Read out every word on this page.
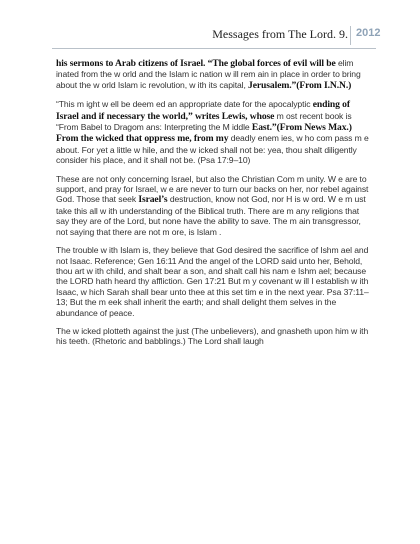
Messages from The Lord. 9. 2012

his sermons to Arab citizens of Israel. “The global forces of evil will be elim inated from the w orld and the Islam ic nation w ill rem ain in place in order to bring about the w orld Islam ic revolution, w ith its capital, Jerusalem.”(From I.N.N.)

“This m ight w ell be deem ed an appropriate date for the apocalyptic ending of Israel and if necessary the world,” writes Lewis, whose m ost recent book is “From Babel to Dragom ans: Interpreting the M iddle East.”(From News Max.) From the wicked that oppress me, from my deadly enem ies, w ho com pass m e about. For yet a little w hile, and the w icked shall not be: yea, thou shalt diligently consider his place, and it shall not be. (Psa 17:9–10)

These are not only concerning Israel, but also the Christian Com m unity. W e are to support, and pray for Israel, w e are never to turn our backs on her, nor rebel against God. Those that seek Israel’s destruction, know not God, nor H is w ord. W e m ust take this all w ith understanding of the Biblical truth. There are m any religions that say they are of the Lord, but none have the ability to save. The m ain transgressor, not saying that there are not m ore, is Islam .

The trouble w ith Islam is, they believe that God desired the sacrifice of Ishm ael and not Isaac. Reference; Gen 16:11 And the angel of the LORD said unto her, Behold, thou art w ith child, and shalt bear a son, and shalt call his nam e Ishm ael; because the LORD hath heard thy affliction. Gen 17:21 But m y covenant w ill I establish w ith Isaac, w hich Sarah shall bear unto thee at this set tim e in the next year. Psa 37:11–13; But the m eek shall inherit the earth; and shall delight them selves in the abundance of peace.

The w icked plotteth against the just (The unbelievers), and gnasheth upon him w ith his teeth. (Rhetoric and babblings.) The Lord shall laugh
